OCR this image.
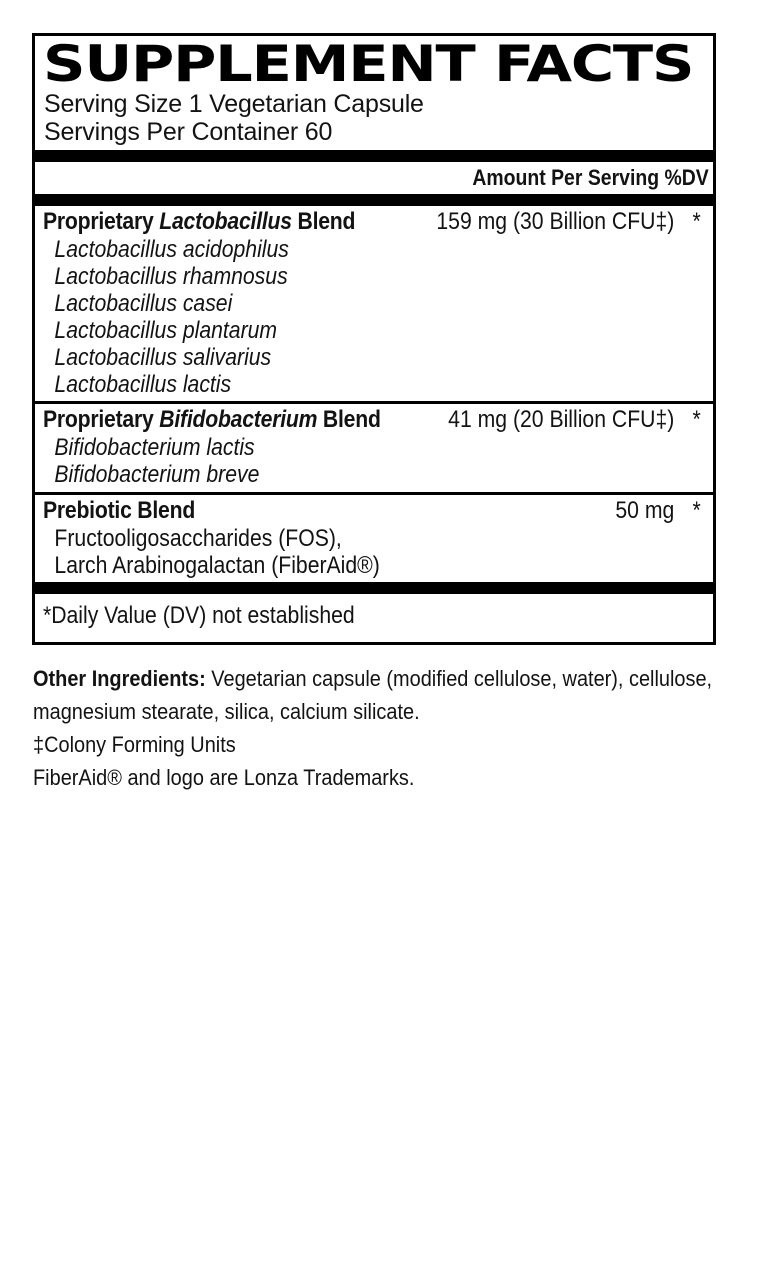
SUPPLEMENT FACTS
Serving Size 1 Vegetarian Capsule
Servings Per Container 60
Amount Per Serving %DV
Proprietary Lactobacillus Blend	159 mg (30 Billion CFU‡) *
Lactobacillus acidophilus
Lactobacillus rhamnosus
Lactobacillus casei
Lactobacillus plantarum
Lactobacillus salivarius
Lactobacillus lactis
Proprietary Bifidobacterium Blend	41 mg (20 Billion CFU‡) *
Bifidobacterium lactis
Bifidobacterium breve
Prebiotic Blend	50 mg *
Fructooligosaccharides (FOS),
Larch Arabinogalactan (FiberAid®)
*Daily Value (DV) not established

Other Ingredients: Vegetarian capsule (modified cellulose, water), cellulose, magnesium stearate, silica, calcium silicate.

‡Colony Forming Units

FiberAid® and logo are Lonza Trademarks.
